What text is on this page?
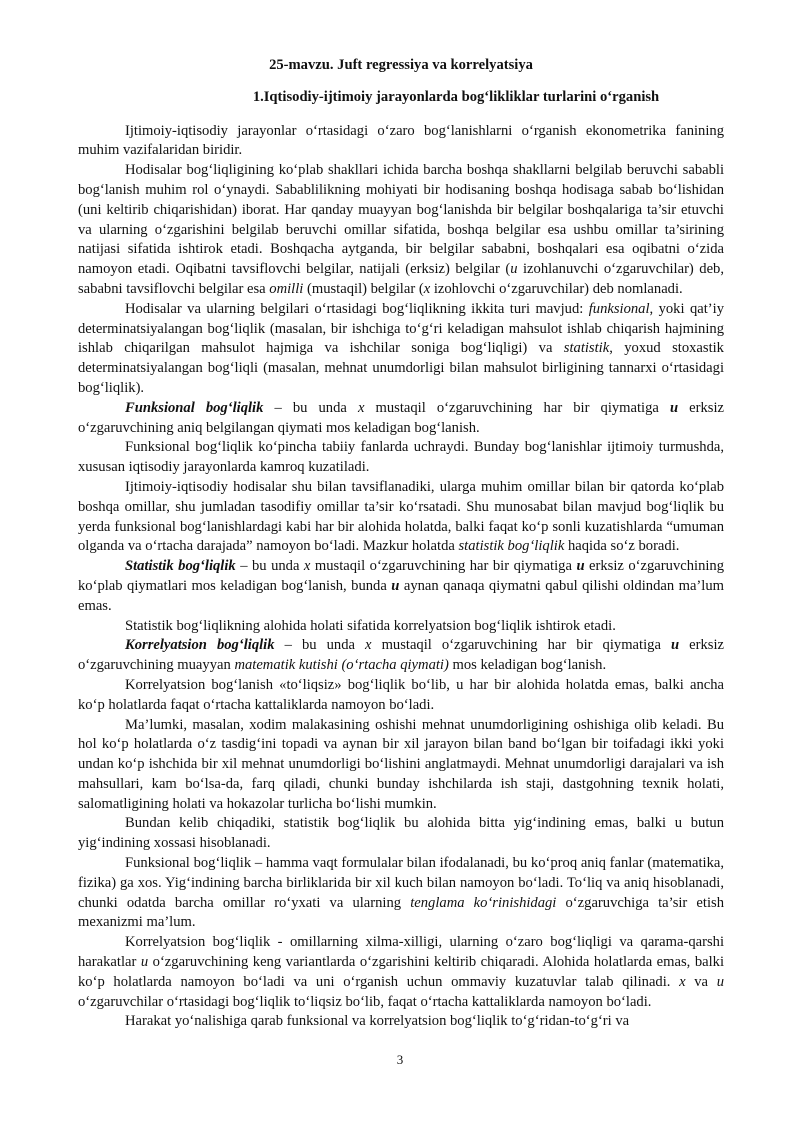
25-mavzu. Juft regressiya va korrelyatsiya
1.Iqtisodiy-ijtimoiy jarayonlarda bog‘likliklar turlarini o‘rganish

Ijtimoiy-iqtisodiy jarayonlar o‘rtasidagi o‘zaro bog‘lanishlarni o‘rganish ekonometrika fanining muhim vazifalaridan biridir.

Hodisalar bog‘liqligining ko‘plab shakllari ichida barcha boshqa shakllarni belgilab beruvchi sababli bog‘lanish muhim rol o‘ynaydi. Sabablilikning mohiyati bir hodisaning boshqa hodisaga sabab bo‘lishidan (uni keltirib chiqarishidan) iborat. Har qanday muayyan bog‘lanishda bir belgilar boshqalariga ta’sir etuvchi va ularning o‘zgarishini belgilab beruvchi omillar sifatida, boshqa belgilar esa ushbu omillar ta’sirining natijasi sifatida ishtirok etadi. Boshqacha aytganda, bir belgilar sababni, boshqalari esa oqibatni o‘zida namoyon etadi. Oqibatni tavsiflovchi belgilar, natijali (erksiz) belgilar (u izohlanuvchi o‘zgaruvchilar) deb, sababni tavsiflovchi belgilar esa omilli (mustaqil) belgilar (x izohlovchi o‘zgaruvchilar) deb nomlanadi.

Hodisalar va ularning belgilari o‘rtasidagi bog‘liqlikning ikkita turi mavjud: funksional, yoki qat’iy determinatsiyalangan bog‘liqlik (masalan, bir ishchiga to‘g‘ri keladigan mahsulot ishlab chiqarish hajmining ishlab chiqarilgan mahsulot hajmiga va ishchilar soniga bog‘liqligi) va statistik, yoxud stoxastik determinatsiyalangan bog‘liqli (masalan, mehnat unumdorligi bilan mahsulot birligining tannarxi o‘rtasidagi bog‘liqlik).

Funksional bog‘liqlik – bu unda x mustaqil o‘zgaruvchining har bir qiymatiga u erksiz o‘zgaruvchining aniq belgilangan qiymati mos keladigan bog‘lanish.

Funksional bog‘liqlik ko‘pincha tabiiy fanlarda uchraydi. Bunday bog‘lanishlar ijtimoiy turmushda, xususan iqtisodiy jarayonlarda kamroq kuzatiladi.

Ijtimoiy-iqtisodiy hodisalar shu bilan tavsiflanadiki, ularga muhim omillar bilan bir qatorda ko‘plab boshqa omillar, shu jumladan tasodifiy omillar ta’sir ko‘rsatadi. Shu munosabat bilan mavjud bog‘liqlik bu yerda funksional bog‘lanishlardagi kabi har bir alohida holatda, balki faqat ko‘p sonli kuzatishlarda “umuman olganda va o‘rtacha darajada” namoyon bo‘ladi. Mazkur holatda statistik bog‘liqlik haqida so‘z boradi.

Statistik bog‘liqlik – bu unda x mustaqil o‘zgaruvchining har bir qiymatiga u erksiz o‘zgaruvchining ko‘plab qiymatlari mos keladigan bog‘lanish, bunda u aynan qanaqa qiymatni qabul qilishi oldindan ma’lum emas.

Statistik bog‘liqlikning alohida holati sifatida korrelyatsion bog‘liqlik ishtirok etadi.

Korrelyatsion bog‘liqlik – bu unda x mustaqil o‘zgaruvchining har bir qiymatiga u erksiz o‘zgaruvchining muayyan matematik kutishi (o‘rtacha qiymati) mos keladigan bog‘lanish.

Korrelyatsion bog‘lanish «to‘liqsiz» bog‘liqlik bo‘lib, u har bir alohida holatda emas, balki ancha ko‘p holatlarda faqat o‘rtacha kattaliklarda namoyon bo‘ladi.

Ma’lumki, masalan, xodim malakasining oshishi mehnat unumdorligining oshishiga olib keladi. Bu hol ko‘p holatlarda o‘z tasdig‘ini topadi va aynan bir xil jarayon bilan band bo‘lgan bir toifadagi ikki yoki undan ko‘p ishchida bir xil mehnat unumdorligi bo‘lishini anglatmaydi. Mehnat unumdorligi darajalari va ish mahsullari, kam bo‘lsa-da, farq qiladi, chunki bunday ishchilarda ish staji, dastgohning texnik holati, salomatligining holati va hokazolar turlicha bo‘lishi mumkin.

Bundan kelib chiqadiki, statistik bog‘liqlik bu alohida bitta yig‘indining emas, balki u butun yig‘indining xossasi hisoblanadi.

Funksional bog‘liqlik – hamma vaqt formulalar bilan ifodalanadi, bu ko‘proq aniq fanlar (matematika, fizika) ga xos. Yig‘indining barcha birliklarida bir xil kuch bilan namoyon bo‘ladi. To‘liq va aniq hisoblanadi, chunki odatda barcha omillar ro‘yxati va ularning tenglama ko‘rinishidagi o‘zgaruvchiga ta’sir etish mexanizmi ma’lum.

Korrelyatsion bog‘liqlik - omillarning xilma-xilligi, ularning o‘zaro bog‘liqligi va qarama-qarshi harakatlar u o‘zgaruvchining keng variantlarda o‘zgarishini keltirib chiqaradi. Alohida holatlarda emas, balki ko‘p holatlarda namoyon bo‘ladi va uni o‘rganish uchun ommaviy kuzatuvlar talab qilinadi. x va u o‘zgaruvchilar o‘rtasidagi bog‘liqlik to‘liqsiz bo‘lib, faqat o‘rtacha kattaliklarda namoyon bo‘ladi.

Harakat yo‘nalishiga qarab funksional va korrelyatsion bog‘liqlik to‘g‘ridan-to‘g‘ri va

3
